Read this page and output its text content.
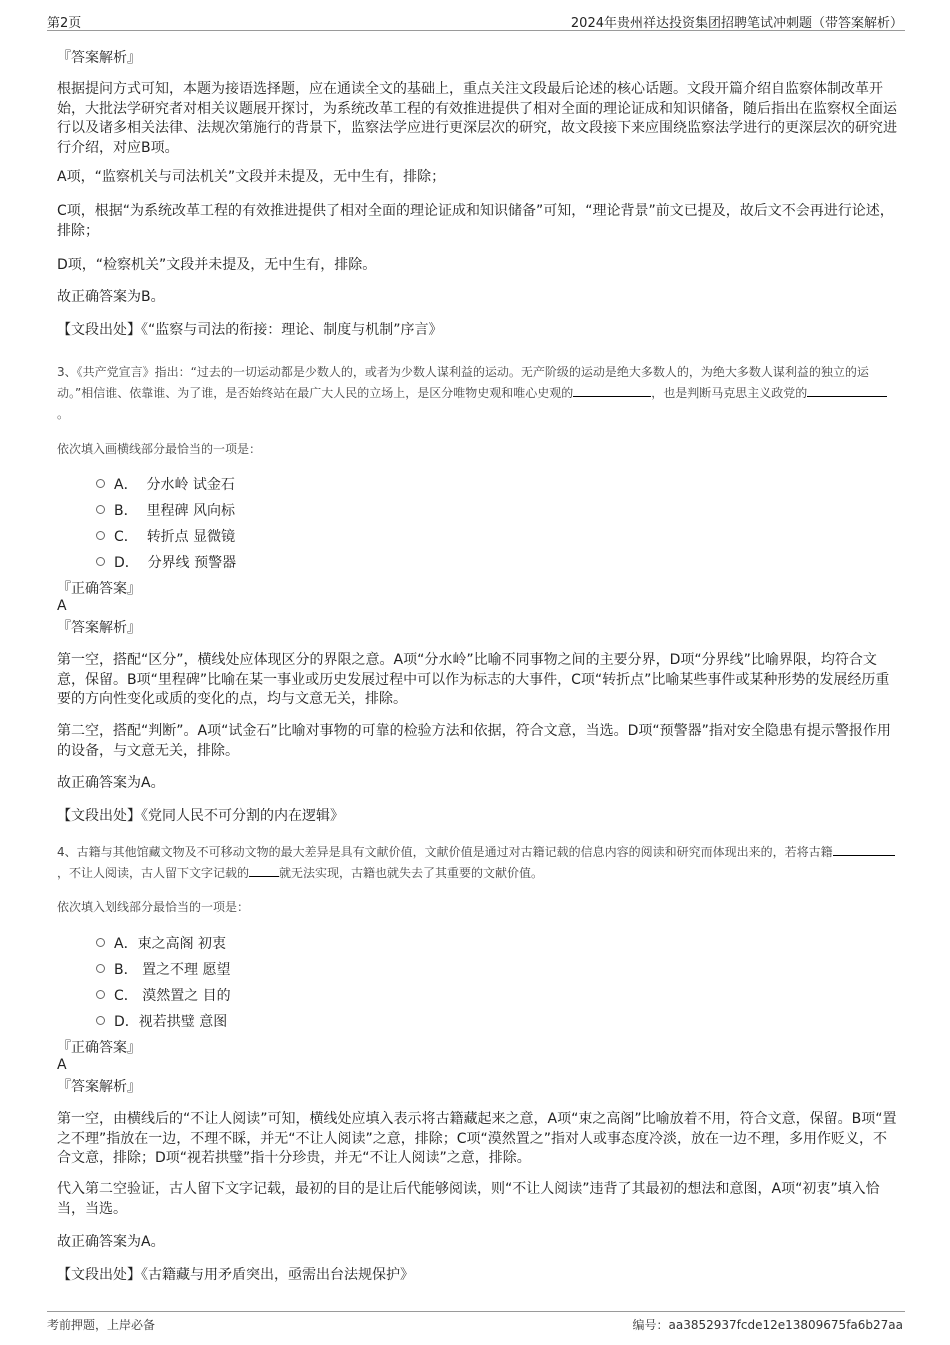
第2页	2024年贵州祥达投资集团招聘笔试冲刺题（带答案解析）
『答案解析』

根据提问方式可知，本题为接语选择题，应在通读全文的基础上，重点关注文段最后论述的核心话题。文段开篇介绍自监察体制改革开始，大批法学研究者对相关议题展开探讨，为系统改革工程的有效推进提供了相对全面的理论证成和知识储备，随后指出在监察权全面运行以及诸多相关法律、法规次第施行的背景下，监察法学应进行更深层次的研究，故文段接下来应围绕监察法学进行的更深层次的研究进行介绍，对应B项。

A项，“监察机关与司法机关”文段并未提及，无中生有，排除；

C项，根据“为系统改革工程的有效推进提供了相对全面的理论证成和知识储备”可知，“理论背景”前文已提及，故后文不会再进行论述，排除；

D项，“检察机关”文段并未提及，无中生有，排除。

故正确答案为B。

【文段出处】《“监察与司法的衔接：理论、制度与机制”序言》

3、《共产党宣言》指出：“过去的一切运动都是少数人的，或者为少数人谋利益的运动。无产阶级的运动是绝大多数人的，为绝大多数人谋利益的独立的运动。”相信谁、依靠谁、为了谁，是否始终站在最广大人民的立场上，是区分唯物史观和唯心史观的	，也是判断马克思主义政党的。

依次填入画横线部分最恰当的一项是：

A． 分水岭 试金石
B． 里程碑 风向标
C． 转折点 显微镜
D． 分界线 预警器
『正确答案』
A
『答案解析』

第一空，搭配“区分”，横线处应体现区分的界限之意。A项“分水岭”比喻不同事物之间的主要分界，D项“分界线”比喻界限，均符合文意，保留。B项“里程碑”比喻在某一事业或历史发展过程中可以作为标志的大事件，C项“转折点”比喻某些事件或某种形势的发展经历重要的方向性变化或质的变化的点，均与文意无关，排除。

第二空，搭配“判断”。A项“试金石”比喻对事物的可靠的检验方法和依据，符合文意，当选。D项“预警器”指对安全隐患有提示警报作用的设备，与文意无关，排除。

故正确答案为A。

【文段出处】《党同人民不可分割的内在逻辑》

4、古籍与其他馆藏文物及不可移动文物的最大差异是具有文献价值，文献价值是通过对古籍记载的信息内容的阅读和研究而体现出来的，若将古籍，不让人阅读，古人留下文字记载的	就无法实现，古籍也就失去了其重要的文献价值。

依次填入划线部分最恰当的一项是：

A．束之高阁 初衷
B． 置之不理 愿望
C． 漠然置之 目的
D．视若拱璧 意图
『正确答案』
A
『答案解析』

第一空，由横线后的“不让人阅读”可知，横线处应填入表示将古籍藏起来之意，A项“束之高阁”比喻放着不用，符合文意，保留。B项“置之不理”指放在一边，不理不睬，并无“不让人阅读”之意，排除；C项“漠然置之”指对人或事态度冷淡，放在一边不理，多用作贬义，不合文意，排除；D项“视若拱璧”指十分珍贵，并无“不让人阅读”之意，排除。

代入第二空验证，古人留下文字记载，最初的目的是让后代能够阅读，则“不让人阅读”违背了其最初的想法和意图，A项“初衷”填入恰当，当选。

故正确答案为A。

【文段出处】《古籍藏与用矛盾突出，亟需出台法规保护》

考前押题，上岸必备	编号：aa3852937fcde12e13809675fa6b27aa
